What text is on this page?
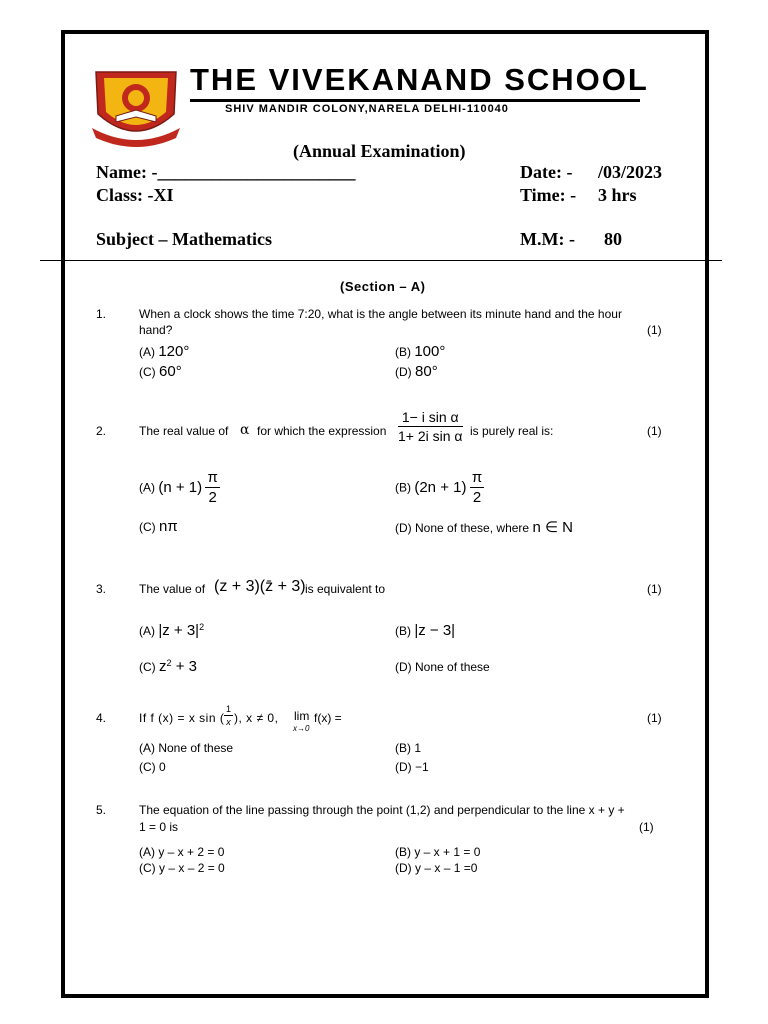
THE VIVEKANAND SCHOOL
SHIV MANDIR COLONY,NARELA DELHI-110040
(Annual Examination)
Name: -______________________	Date: - /03/2023
Class: -XI	Time: - 3 hrs
Subject – Mathematics	M.M: - 80
(Section – A)
1.	When a clock shows the time 7:20, what is the angle between its minute hand and the hour
hand?	(1)
(A) 120°	(B) 100°
(C) 60°	(D) 80°
2.	The real value of α for which the expression $\frac{\text{1− i sin α}}{\text{1+ 2i sin α}}$ is purely real is:	(1)
(A) $(n + 1) \frac{\pi}{2}$	(B) $(2n + 1) \frac{\pi}{2}$
(C) nπ	(D) None of these, where n ∈ N
3.	The value of (z + 3)(z̄ + 3) is equivalent to	(1)
(A) $|z + 3|^2$	(B) |z − 3|
(C) $z^2 + 3$	(D) None of these
4.	If f (x) = x sin ( $\frac{1}{x}$ ), x ≠ 0, lim
x→0
f(x) =	(1)
(A) None of these	(B) 1
(C) 0	(D) −1
5.	The equation of the line passing through the point (1,2) and perpendicular to the line x + y +
1 = 0 is	(1)
(A) y – x + 2 = 0	(B) y – x + 1 = 0
(C) y – x – 2 = 0	(D) y – x – 1 =0
